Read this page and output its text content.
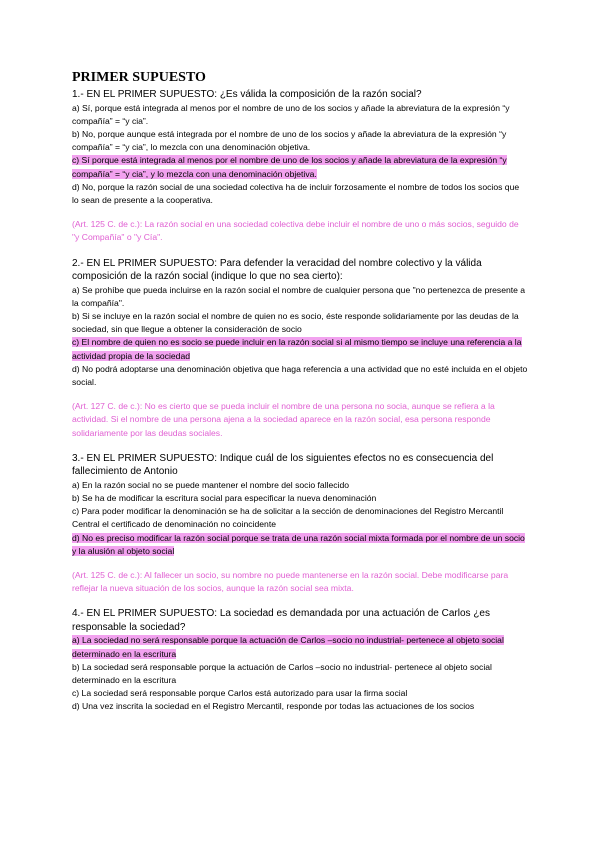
PRIMER SUPUESTO

1.- EN EL PRIMER SUPUESTO: ¿Es válida la composición de la razón social?

a) Sí, porque está integrada al menos por el nombre de uno de los socios y añade la abreviatura de la expresión “y compañía” = “y cia”.

b) No, porque aunque está integrada por el nombre de uno de los socios y añade la abreviatura de la expresión “y compañía” = “y cia”, lo mezcla con una denominación objetiva.

c) Sí porque está integrada al menos por el nombre de uno de los socios y añade la abreviatura de la expresión “y compañía” = “y cia”, y lo mezcla con una denominación objetiva.

d) No, porque la razón social de una sociedad colectiva ha de incluir forzosamente el nombre de todos los socios que lo sean de presente a la cooperativa.

(Art. 125 C. de c.): La razón social en una sociedad colectiva debe incluir el nombre de uno o más socios, seguido de "y Compañía" o "y Cía".

2.- EN EL PRIMER SUPUESTO: Para defender la veracidad del nombre colectivo y la válida composición de la razón social (indique lo que no sea cierto):

a) Se prohíbe que pueda incluirse en la razón social el nombre de cualquier persona que "no pertenezca de presente a la compañía".

b) Si se incluye en la razón social el nombre de quien no es socio, éste responde solidariamente por las deudas de la sociedad, sin que llegue a obtener la consideración de socio

c) El nombre de quien no es socio se puede incluir en la razón social si al mismo tiempo se incluye una referencia a la actividad propia de la sociedad

d) No podrá adoptarse una denominación objetiva que haga referencia a una actividad que no esté incluida en el objeto social.

(Art. 127 C. de c.): No es cierto que se pueda incluir el nombre de una persona no socia, aunque se refiera a la actividad. Si el nombre de una persona ajena a la sociedad aparece en la razón social, esa persona responde solidariamente por las deudas sociales.

3.- EN EL PRIMER SUPUESTO: Indique cuál de los siguientes efectos no es consecuencia del fallecimiento de Antonio

a) En la razón social no se puede mantener el nombre del socio fallecido

b) Se ha de modificar la escritura social para especificar la nueva denominación

c) Para poder modificar la denominación se ha de solicitar a la sección de denominaciones del Registro Mercantil Central el certificado de denominación no coincidente

d) No es preciso modificar la razón social porque se trata de una razón social mixta formada por el nombre de un socio y la alusión al objeto social

(Art. 125 C. de c.): Al fallecer un socio, su nombre no puede mantenerse en la razón social. Debe modificarse para reflejar la nueva situación de los socios, aunque la razón social sea mixta.

4.- EN EL PRIMER SUPUESTO: La sociedad es demandada por una actuación de Carlos ¿es responsable la sociedad?

a) La sociedad no será responsable porque la actuación de Carlos –socio no industrial- pertenece al objeto social determinado en la escritura

b) La sociedad será responsable porque la actuación de Carlos –socio no industrial- pertenece al objeto social determinado en la escritura

c) La sociedad será responsable porque Carlos está autorizado para usar la firma social

d) Una vez inscrita la sociedad en el Registro Mercantil, responde por todas las actuaciones de los socios
